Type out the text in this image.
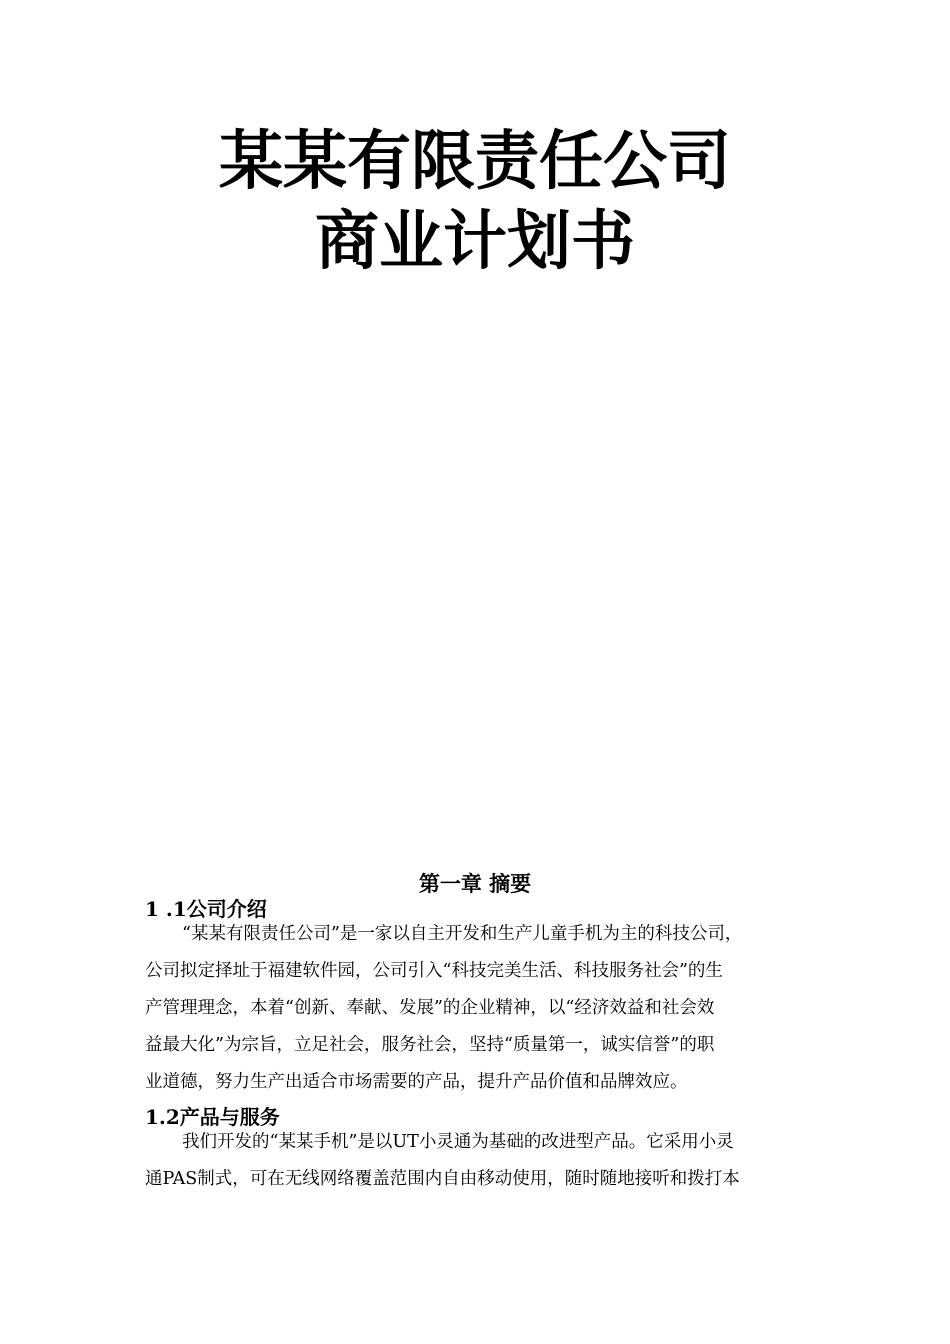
某某有限责任公司
商业计划书
第一章 摘要
1 .1公司介绍
“某某有限责任公司”是一家以自主开发和生产儿童手机为主的科技公司，
公司拟定择址于福建软件园，公司引入“科技完美生活、科技服务社会”的生
产管理理念，本着“创新、奉献、发展”的企业精神，以“经济效益和社会效
益最大化”为宗旨，立足社会，服务社会，坚持“质量第一，诚实信誉”的职
业道德，努力生产出适合市场需要的产品，提升产品价值和品牌效应。
1.2产品与服务
我们开发的“某某手机”是以UT小灵通为基础的改进型产品。它采用小灵
通PAS制式，可在无线网络覆盖范围内自由移动使用，随时随地接听和拨打本
